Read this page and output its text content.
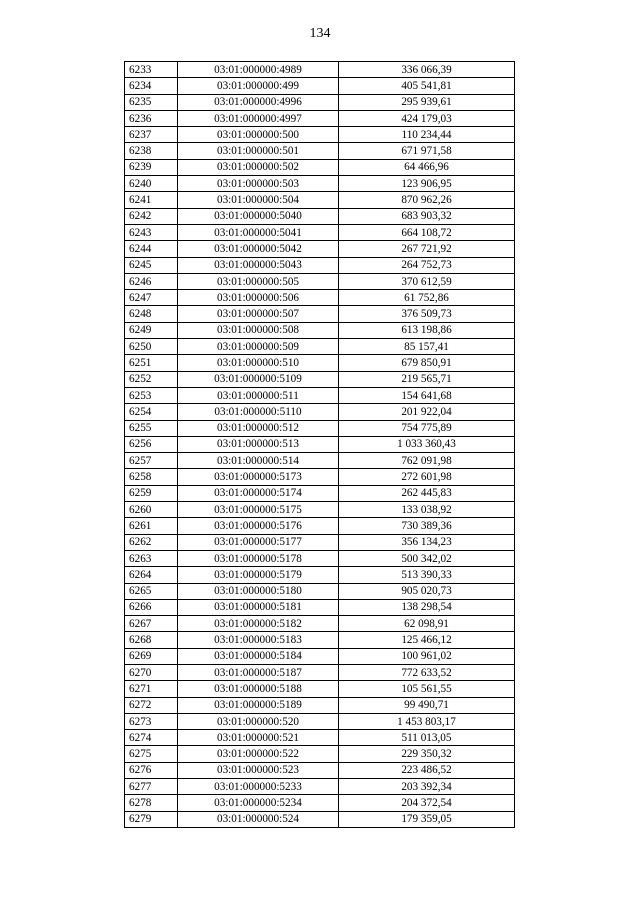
134
6233	03:01:000000:4989	336 066,39
6234	03:01:000000:499	405 541,81
6235	03:01:000000:4996	295 939,61
6236	03:01:000000:4997	424 179,03
6237	03:01:000000:500	110 234,44
6238	03:01:000000:501	671 971,58
6239	03:01:000000:502	64 466,96
6240	03:01:000000:503	123 906,95
6241	03:01:000000:504	870 962,26
6242	03:01:000000:5040	683 903,32
6243	03:01:000000:5041	664 108,72
6244	03:01:000000:5042	267 721,92
6245	03:01:000000:5043	264 752,73
6246	03:01:000000:505	370 612,59
6247	03:01:000000:506	61 752,86
6248	03:01:000000:507	376 509,73
6249	03:01:000000:508	613 198,86
6250	03:01:000000:509	85 157,41
6251	03:01:000000:510	679 850,91
6252	03:01:000000:5109	219 565,71
6253	03:01:000000:511	154 641,68
6254	03:01:000000:5110	201 922,04
6255	03:01:000000:512	754 775,89
6256	03:01:000000:513	1 033 360,43
6257	03:01:000000:514	762 091,98
6258	03:01:000000:5173	272 601,98
6259	03:01:000000:5174	262 445,83
6260	03:01:000000:5175	133 038,92
6261	03:01:000000:5176	730 389,36
6262	03:01:000000:5177	356 134,23
6263	03:01:000000:5178	500 342,02
6264	03:01:000000:5179	513 390,33
6265	03:01:000000:5180	905 020,73
6266	03:01:000000:5181	138 298,54
6267	03:01:000000:5182	62 098,91
6268	03:01:000000:5183	125 466,12
6269	03:01:000000:5184	100 961,02
6270	03:01:000000:5187	772 633,52
6271	03:01:000000:5188	105 561,55
6272	03:01:000000:5189	99 490,71
6273	03:01:000000:520	1 453 803,17
6274	03:01:000000:521	511 013,05
6275	03:01:000000:522	229 350,32
6276	03:01:000000:523	223 486,52
6277	03:01:000000:5233	203 392,34
6278	03:01:000000:5234	204 372,54
6279	03:01:000000:524	179 359,05
